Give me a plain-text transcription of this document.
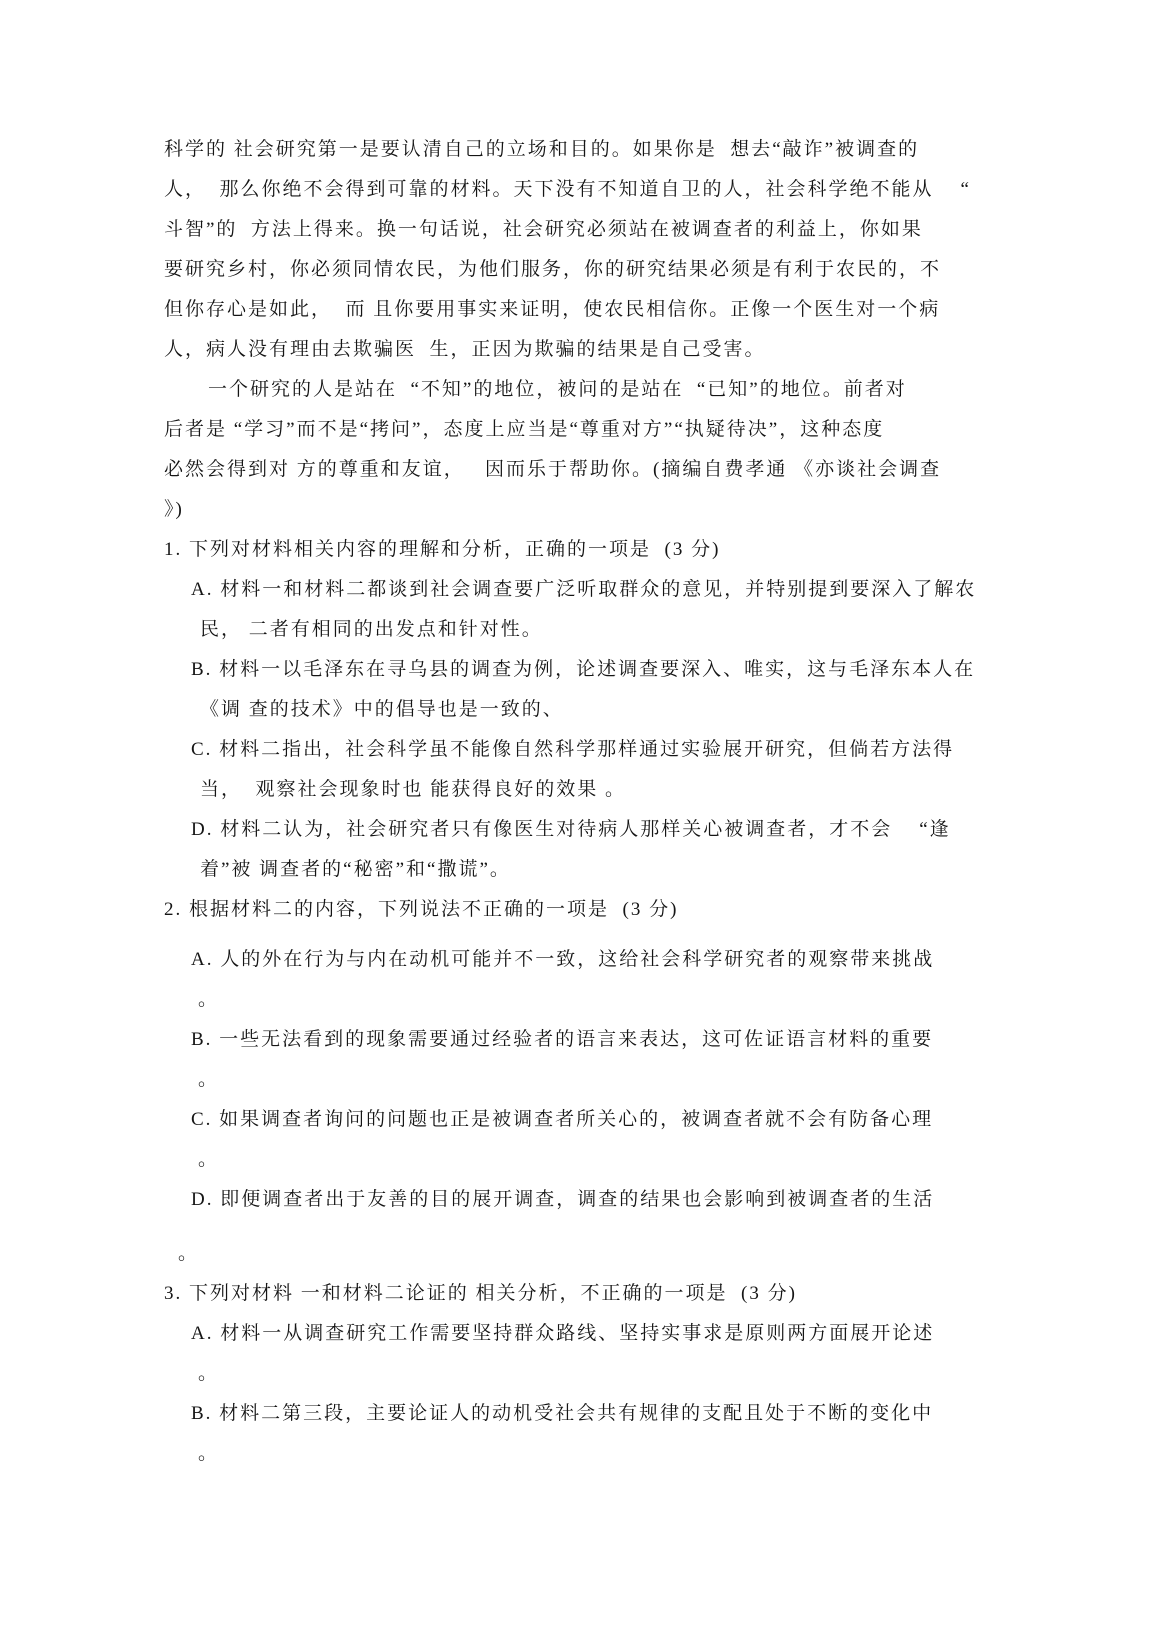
科学的 社会研究第一是要认清自己的立场和目的。如果你是  想去“敲诈”被调查的
人，  那么你绝不会得到可靠的材料。天下没有不知道自卫的人，社会科学绝不能从    “
斗智”的  方法上得来。换一句话说，社会研究必须站在被调查者的利益上，你如果
要研究乡村，你必须同情农民，为他们服务，你的研究结果必须是有利于农民的，不
但你存心是如此，  而 且你要用事实来证明，使农民相信你。正像一个医生对一个病
人，病人没有理由去欺骗医  生，正因为欺骗的结果是自己受害。
一个研究的人是站在  “不知”的地位，被问的是站在  “已知”的地位。前者对
后者是 “学习”而不是“拷问”，态度上应当是“尊重对方”“执疑待决”，这种态度
必然会得到对 方的尊重和友谊，   因而乐于帮助你。(摘编自费孝通 《亦谈社会调查
》)
1. 下列对材料相关内容的理解和分析，正确的一项是  (3 分)
A. 材料一和材料二都谈到社会调查要广泛听取群众的意见，并特别提到要深入了解农
民， 二者有相同的出发点和针对性。
B. 材料一以毛泽东在寻乌县的调查为例，论述调查要深入、唯实，这与毛泽东本人在
《调 查的技术》中的倡导也是一致的、
C. 材料二指出，社会科学虽不能像自然科学那样通过实验展开研究，但倘若方法得
当，  观察社会现象时也 能获得良好的效果 。
D. 材料二认为，社会研究者只有像医生对待病人那样关心被调查者，才不会    “逢
着”被 调查者的“秘密”和“撒谎”。
2. 根据材料二的内容，下列说法不正确的一项是  (3 分)
A. 人的外在行为与内在动机可能并不一致，这给社会科学研究者的观察带来挑战
。
B. 一些无法看到的现象需要通过经验者的语言来表达，这可佐证语言材料的重要
。
C. 如果调查者询问的问题也正是被调查者所关心的，被调查者就不会有防备心理
。
D. 即便调查者出于友善的目的展开调查，调查的结果也会影响到被调查者的生活
。
3. 下列对材料 一和材料二论证的 相关分析，不正确的一项是  (3 分)
A. 材料一从调查研究工作需要坚持群众路线、坚持实事求是原则两方面展开论述
。
B. 材料二第三段，主要论证人的动机受社会共有规律的支配且处于不断的变化中
。
